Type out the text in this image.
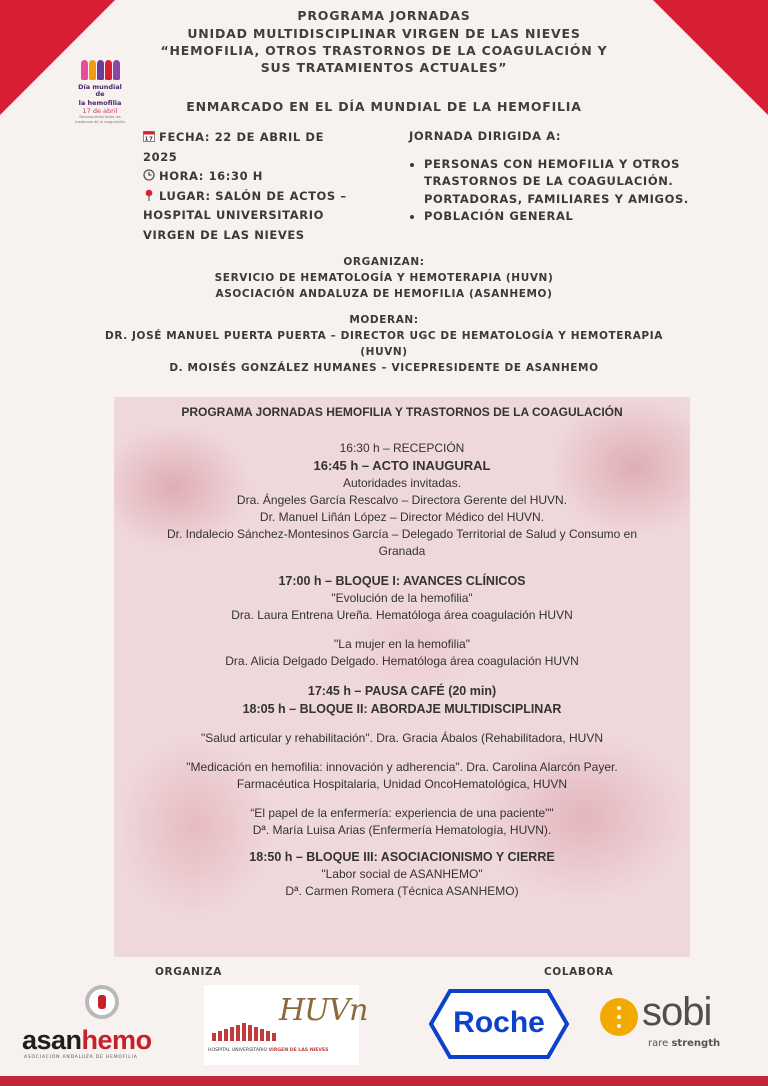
PROGRAMA JORNADAS
UNIDAD MULTIDISCIPLINAR VIRGEN DE LAS NIEVES
“HEMOFILIA, OTROS TRASTORNOS DE LA COAGULACIÓN Y
SUS TRATAMIENTOS ACTUALES”
ENMARCADO EN EL DÍA MUNDIAL DE LA HEMOFILIA
Día mundial de
la hemofilia
17 de abril
Reconociendo todos los trastornos de la coagulación
17 FECHA: 22 DE ABRIL DE
2025
HORA: 16:30 H
LUGAR: SALÓN DE ACTOS –
HOSPITAL UNIVERSITARIO
VIRGEN DE LAS NIEVES
JORNADA DIRIGIDA A:
• PERSONAS CON HEMOFILIA Y OTROS TRASTORNOS DE LA COAGULACIÓN. PORTADORAS, FAMILIARES Y AMIGOS.
• POBLACIÓN GENERAL
ORGANIZAN:
SERVICIO DE HEMATOLOGÍA Y HEMOTERAPIA (HUVN)
ASOCIACIÓN ANDALUZA DE HEMOFILIA (ASANHEMO)
MODERAN:
DR. JOSÉ MANUEL PUERTA PUERTA – DIRECTOR UGC DE HEMATOLOGÍA Y HEMOTERAPIA
(HUVN)
D. MOISÉS GONZÁLEZ HUMANES – VICEPRESIDENTE DE ASANHEMO
PROGRAMA JORNADAS HEMOFILIA Y TRASTORNOS DE LA COAGULACIÓN

16:30 h – RECEPCIÓN

16:45 h – ACTO INAUGURAL

Autoridades invitadas.

Dra. Ángeles García Rescalvo – Directora Gerente del HUVN.

Dr. Manuel Liñán López – Director Médico del HUVN.

Dr. Indalecio Sánchez-Montesinos García – Delegado Territorial de Salud y Consumo en

Granada

17:00 h – BLOQUE I: AVANCES CLÍNICOS

"Evolución de la hemofilia"

Dra. Laura Entrena Ureña. Hematóloga área coagulación HUVN

"La mujer en la hemofilia"

Dra. Alicia Delgado Delgado. Hematóloga área coagulación HUVN

17:45 h – PAUSA CAFÉ (20 min)

18:05 h – BLOQUE II: ABORDAJE MULTIDISCIPLINAR

"Salud articular y rehabilitación". Dra. Gracia Ábalos (Rehabilitadora, HUVN

"Medicación en hemofilia: innovación y adherencia". Dra. Carolina Alarcón Payer.

Farmacéutica Hospitalaria, Unidad OncoHematológica, HUVN

“El papel de la enfermería: experiencia de una paciente""

Dª. María Luisa Arias (Enfermería Hematología, HUVN).

18:50 h – BLOQUE III: ASOCIACIONISMO Y CIERRE

"Labor social de ASANHEMO"

Dª. Carmen Romera (Técnica ASANHEMO)

ORGANIZA	COLABORA
asanhemo
ASOCIACIÓN ANDALUZA DE HEMOFILIA
HUVn
HOSPITAL UNIVERSITARIO VIRGEN DE LAS NIEVES
Roche	sobi
rare strength
